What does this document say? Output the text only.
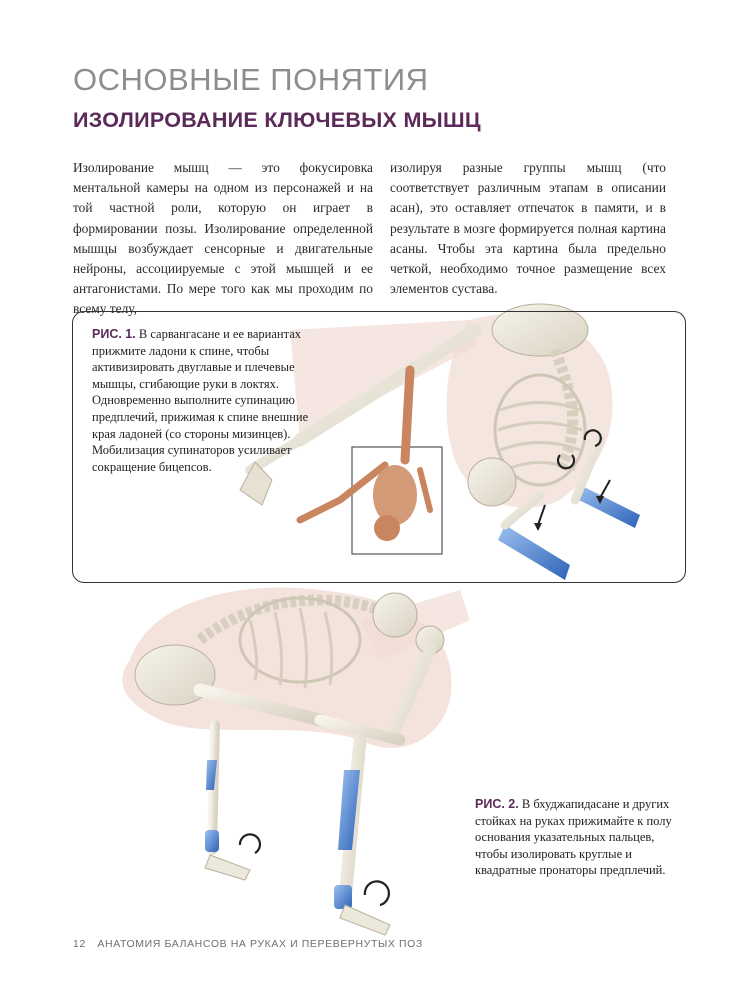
ОСНОВНЫЕ ПОНЯТИЯ
ИЗОЛИРОВАНИЕ КЛЮЧЕВЫХ МЫШЦ
Изолирование мышц — это фокусировка ментальной камеры на одном из персонажей и на той частной роли, которую он играет в формировании позы. Изолирование определенной мышцы возбуждает сенсорные и двигательные нейроны, ассоциируемые с этой мышцей и ее антагонистами. По мере того как мы проходим по всему телу,
изолируя разные группы мышц (что соответствует различным этапам в описании асан), это оставляет отпечаток в памяти, и в результате в мозге формируется полная картина асаны. Чтобы эта картина была предельно четкой, необходимо точное размещение всех элементов сустава.
РИС. 1. В сарвангасане и ее вариантах прижмите ладони к спине, чтобы активизировать двуглавые и плечевые мышцы, сгибающие руки в локтях. Одновременно выполните супинацию предплечий, прижимая к спине внешние края ладоней (со стороны мизинцев). Мобилизация супинаторов усиливает сокращение бицепсов.
РИС. 2. В бхуджапидасане и других стойках на руках прижимайте к полу основания указательных пальцев, чтобы изолировать круглые и квадратные пронаторы предплечий.
12 АНАТОМИЯ БАЛАНСОВ НА РУКАХ И ПЕРЕВЕРНУТЫХ ПОЗ
